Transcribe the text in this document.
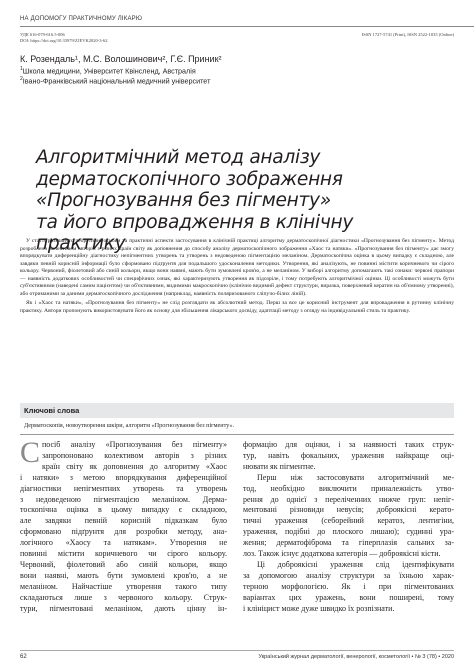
НА ДОПОМОГУ ПРАКТИЧНОМУ ЛІКАРЮ
УДК 616-079-616.5-006
DOI: https://doi.org/10.33979/ZJEVK2020-3-62
ISSN 1727-5741 (Print), ISSN 2522-1035 (Online)
К. Розендаль¹, М.С. Волошинович², Г.Є. Приник²
$^1$Школа медицини, Університет Квінсленд, Австралія
$^2$Івано-Франківський національний медичний університет
Алгоритмічний метод аналізу
дерматоскопічного зображення
«Прогнозування без пігменту»
та його впровадження в клінічну практику

У статті розглянуто теоретичні основи та практичні аспекти застосування в клінічній практиці алгоритму дерматоскопічної діагностики «Прогнозування без пігменту». Метод розроблено колективом авторів з різних країн світу як доповнення до способу аналізу дерматоскопічного зображення «Хаос та натяки». «Прогнозування без пігменту» дає змогу впорядкувати диференційну діагностику непігментних утворень та утворень з недоведеною пігментацією меланіном. Дерматоскопічна оцінка в цьому випадку є складною, але завдяки певній корисній інформації було сформовано підґрунтя для подальшого удосконалення методики. Утворення, які аналізують, не повинні містити коричневого чи сірого кольору. Червоний, фіолетовий або синій кольори, якщо вони наявні, мають бути зумовлені кров'ю, а не меланіном. У виборі алгоритму допомагають такі ознаки: червоні прапори — наявність додаткових особливостей чи специфічних ознак, які характеризують утворення як підозріле, і тому потребують алгоритмічної оцінки. Ці особливості можуть бути суб'єктивними (наведені самим пацієнтом) чи об'єктивними, видимими макроскопічно (клінічно видимий дефект структури, виразка, поверхневий кератин на об'ємному утворенні), або отриманими за даними дерматоскопічного дослідження (наприклад, наявність поляризованого сліпучо-білих ліній).

Як і «Хаос та натяки», «Прогнозування без пігменту» не слід розглядати як абсолютний метод. Перш за все це корисний інструмент для впровадження в рутинну клінічну практику. Автори пропонують використовувати його як основу для збільшення лікарського досвіду, адаптації методу з огляду на індивідуальний стиль та практику.

Ключові слова
Дерматоскопія, новоутворення шкіри, алгоритм «Прогнозування без пігменту».
С посіб аналізу «Прогнозування без пігменту»
запропоновано колективом авторів з різних
країн світу як доповнення до алгоритму «Хаос
і натяки» з метою впорядкування диференційної
діагностики непігментних утворень та утворень
з недоведеною пігментацією меланіном. Дерма-
тоскопічна оцінка в цьому випадку є складною,
але завдяки певній корисній підказкам було
сформовано підґрунтя для розробки методу, ана-
логічного «Хаосу та натякам». Утворення не
повинні містити коричневого чи сірого кольору.
Червоний, фіолетовий або синій кольори, якщо
вони наявні, мають бути зумовлені кров'ю, а не
меланіном. Найчастіше утворення такого типу
складаються лише з червоного кольору. Струк-
тури, пігментовані меланіном, дають цінну ін-
формацію для оцінки, і за наявності таких струк-
тур, навіть фокальних, ураження найкраще оці-
нювати як пігментне.
Перш ніж застосовувати алгоритмічний ме-
тод, необхідно виключити приналежність утво-
рення до однієї з переліченних нижче груп: непіг-
ментовані різновиди невусів; доброякісні керато-
тичні ураження (себорейний кератоз, лентигіни,
ураження, подібні до плоского лишаю); судинні ура-
ження; дерматофіброма та гіперплазія сальних за-
лоз. Також існує додаткова категорія — доброякісні кісти.
Ці доброякісні ураження слід ідентифікувати
за допомогою аналізу структури за їхньою харак-
терною морфологією. Як і при пігментованих
варіантах цих уражень, вони поширені, тому
і клініцист може дуже швидко їх розпізнати.
62	Український журнал дерматології, венерології, косметології • № 3 (78) • 2020
